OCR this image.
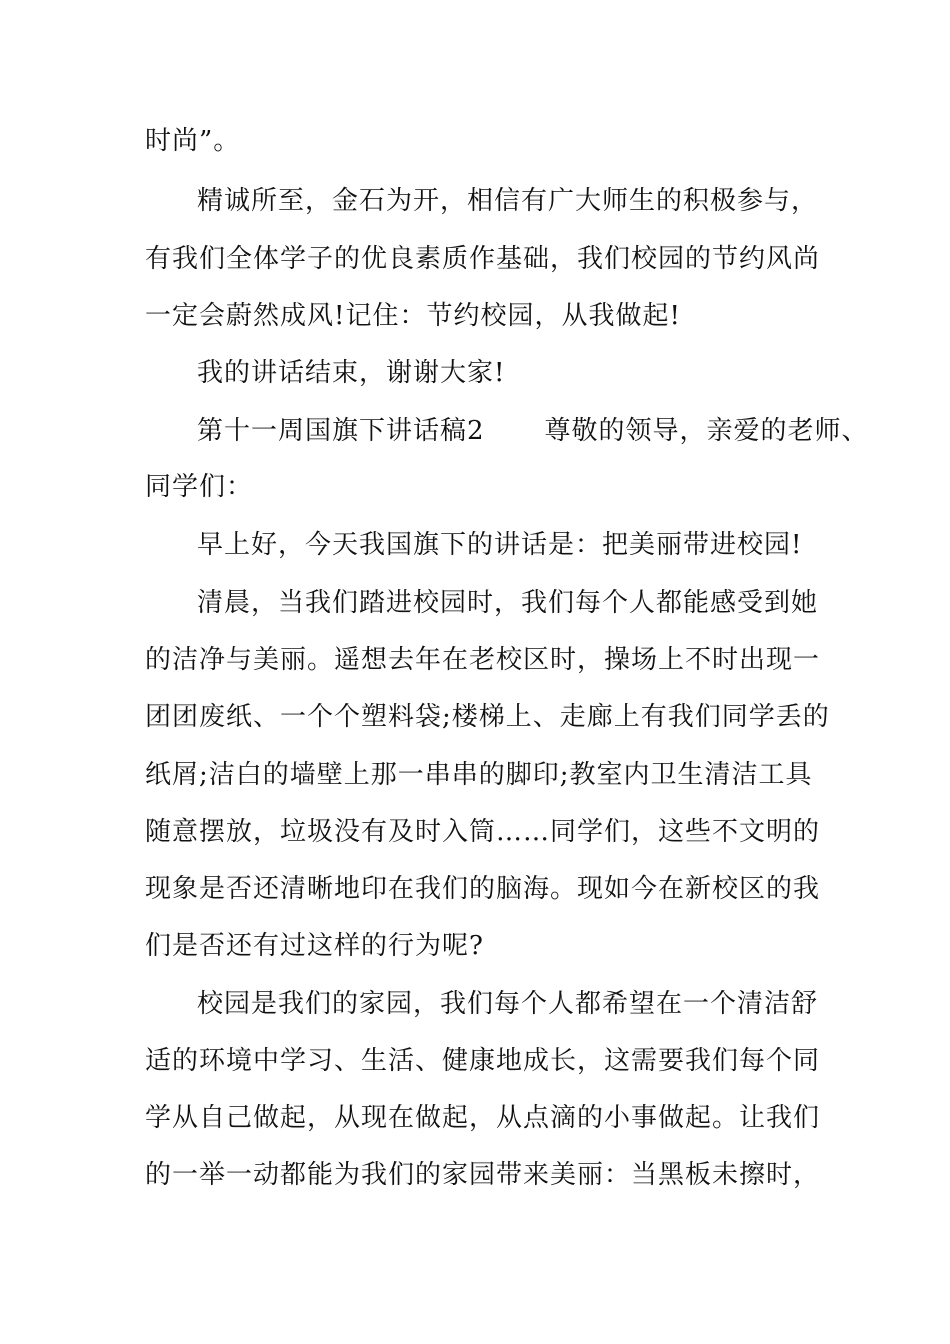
时尚”。

精诚所至，金石为开，相信有广大师生的积极参与，

有我们全体学子的优良素质作基础，我们校园的节约风尚

一定会蔚然成风!记住：节约校园，从我做起!

我的讲话结束，谢谢大家!

第十一周国旗下讲话稿2 尊敬的领导，亲爱的老师、

同学们：

早上好，今天我国旗下的讲话是：把美丽带进校园!

清晨，当我们踏进校园时，我们每个人都能感受到她

的洁净与美丽。遥想去年在老校区时，操场上不时出现一

团团废纸、一个个塑料袋;楼梯上、走廊上有我们同学丢的

纸屑;洁白的墙壁上那一串串的脚印;教室内卫生清洁工具

随意摆放，垃圾没有及时入筒……同学们，这些不文明的

现象是否还清晰地印在我们的脑海。现如今在新校区的我

们是否还有过这样的行为呢?

校园是我们的家园，我们每个人都希望在一个清洁舒

适的环境中学习、生活、健康地成长，这需要我们每个同

学从自己做起，从现在做起，从点滴的小事做起。让我们

的一举一动都能为我们的家园带来美丽：当黑板未擦时，
